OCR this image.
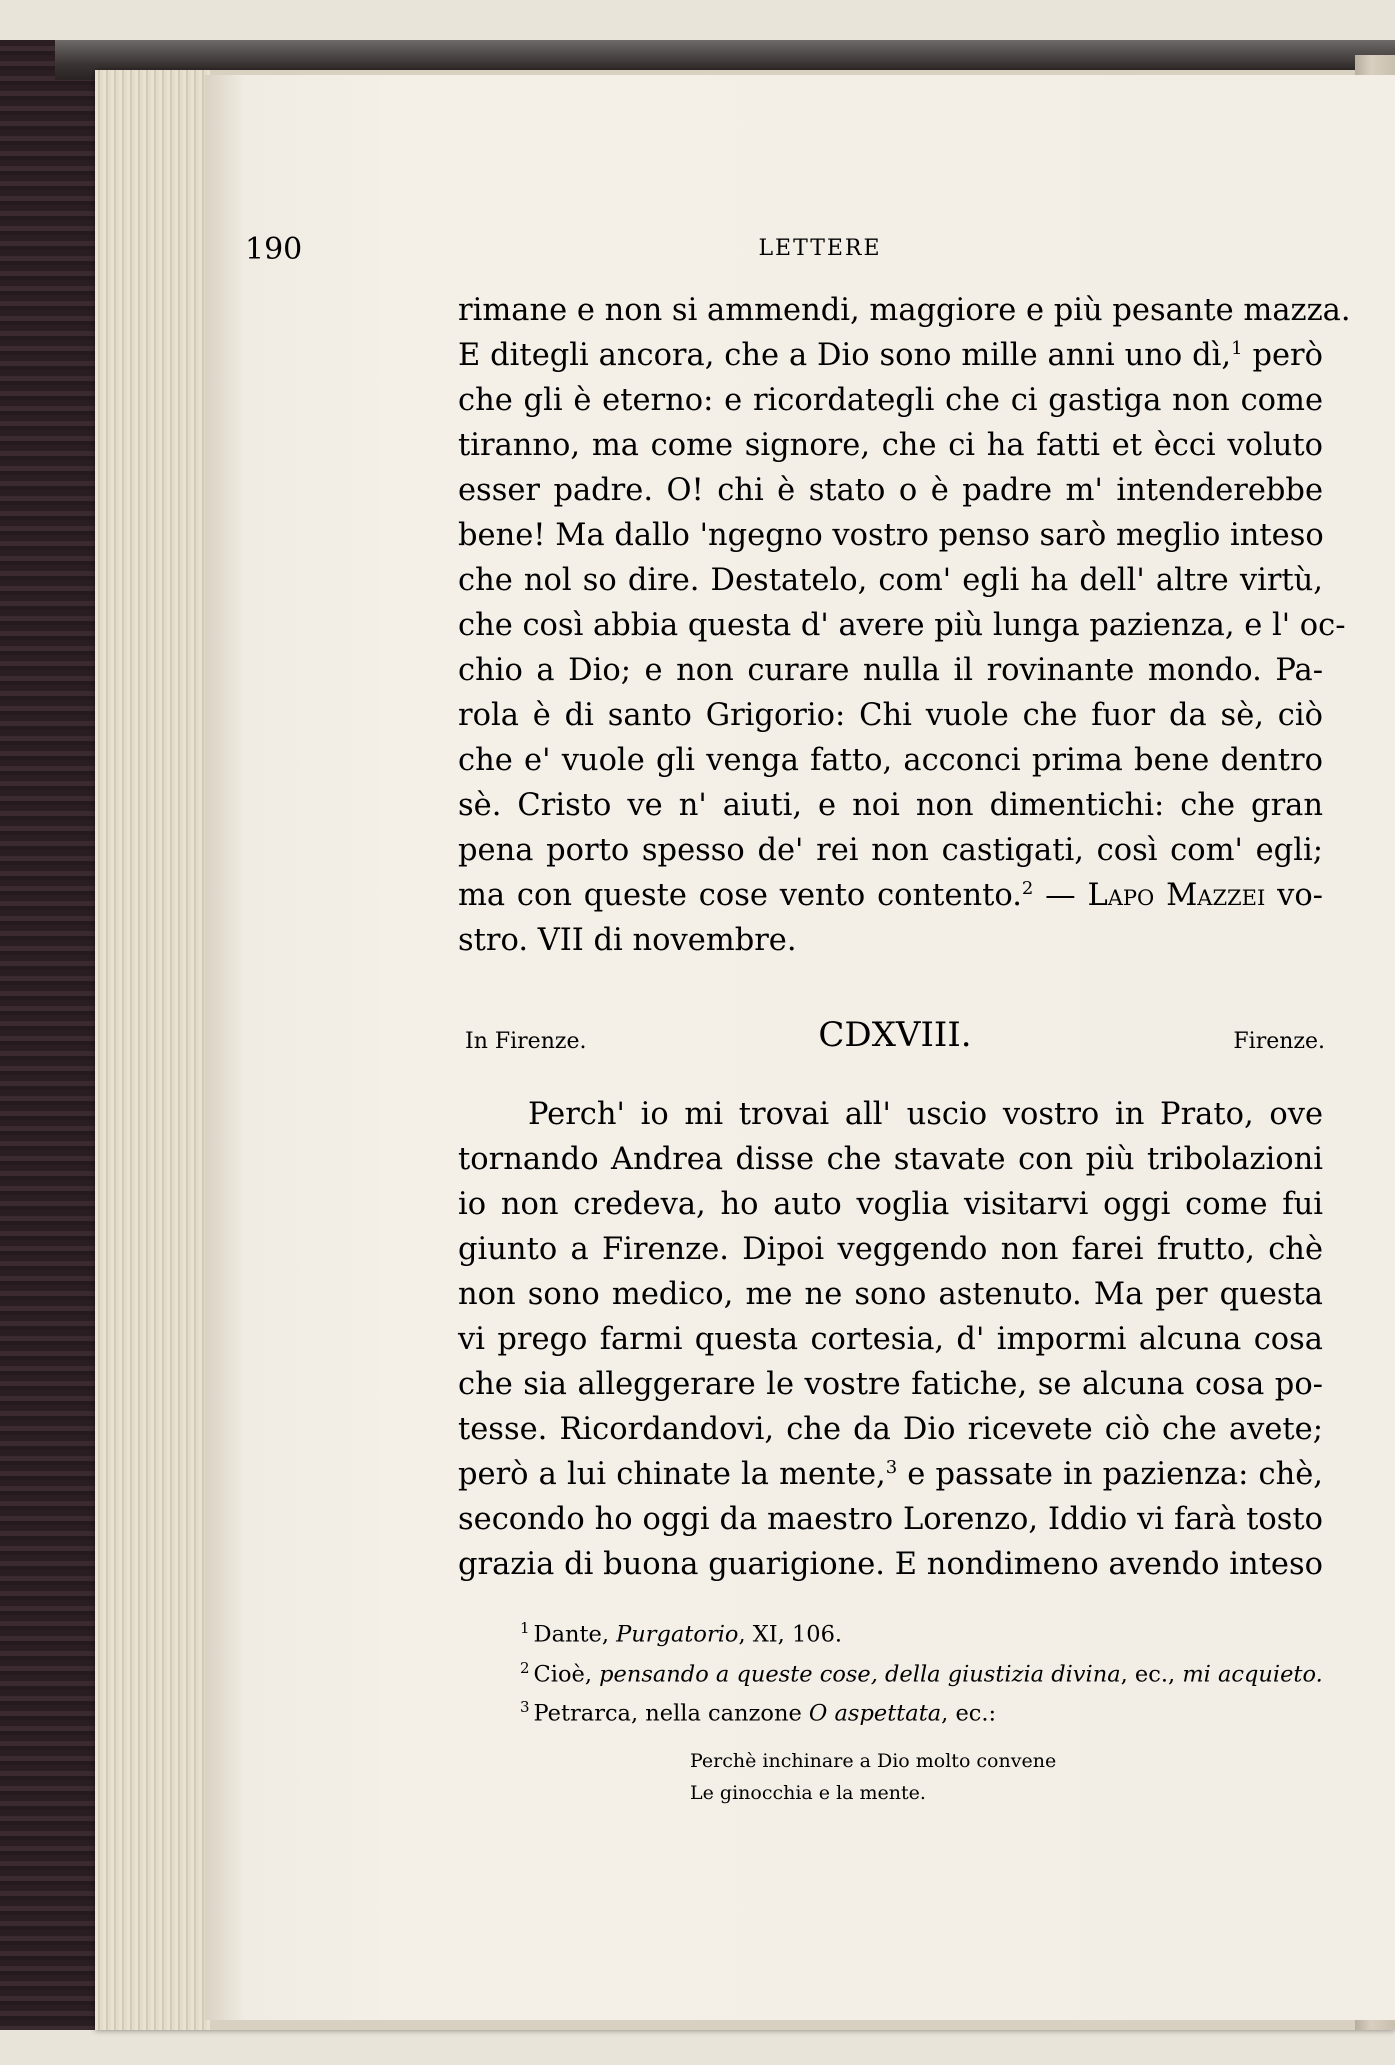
190	LETTERE
rimane e non si ammendi, maggiore e più pesante mazza.
E ditegli ancora, che a Dio sono mille anni uno dì,$^1$ però
che gli è eterno: e ricordategli che ci gastiga non come
tiranno, ma come signore, che ci ha fatti et ècci voluto
esser padre. O! chi è stato o è padre m' intenderebbe
bene! Ma dallo 'ngegno vostro penso sarò meglio inteso
che nol so dire. Destatelo, com' egli ha dell' altre virtù,
che così abbia questa d' avere più lunga pazienza, e l' oc-
chio a Dio; e non curare nulla il rovinante mondo. Pa-
rola è di santo Grigorio: Chi vuole che fuor da sè, ciò
che e' vuole gli venga fatto, acconci prima bene dentro
sè. Cristo ve n' aiuti, e noi non dimentichi: che gran
pena porto spesso de' rei non castigati, così com' egli;
ma con queste cose vento contento.$^2$ — Lapo Mazzei vo-
stro. VII di novembre.
In Firenze.	CDXVIII.	Firenze.
Perch' io mi trovai all' uscio vostro in Prato, ove
tornando Andrea disse che stavate con più tribolazioni
io non credeva, ho auto voglia visitarvi oggi come fui
giunto a Firenze. Dipoi veggendo non farei frutto, chè
non sono medico, me ne sono astenuto. Ma per questa
vi prego farmi questa cortesia, d' impormi alcuna cosa
che sia alleggerare le vostre fatiche, se alcuna cosa po-
tesse. Ricordandovi, che da Dio ricevete ciò che avete;
però a lui chinate la mente,$^3$ e passate in pazienza: chè,
secondo ho oggi da maestro Lorenzo, Iddio vi farà tosto
grazia di buona guarigione. E nondimeno avendo inteso
$^1$ Dante, Purgatorio, XI, 106.
$^2$ Cioè, pensando a queste cose, della giustizia divina, ec., mi acquieto.
$^3$ Petrarca, nella canzone O aspettata, ec.:
Perchè inchinare a Dio molto convene
Le ginocchia e la mente.
